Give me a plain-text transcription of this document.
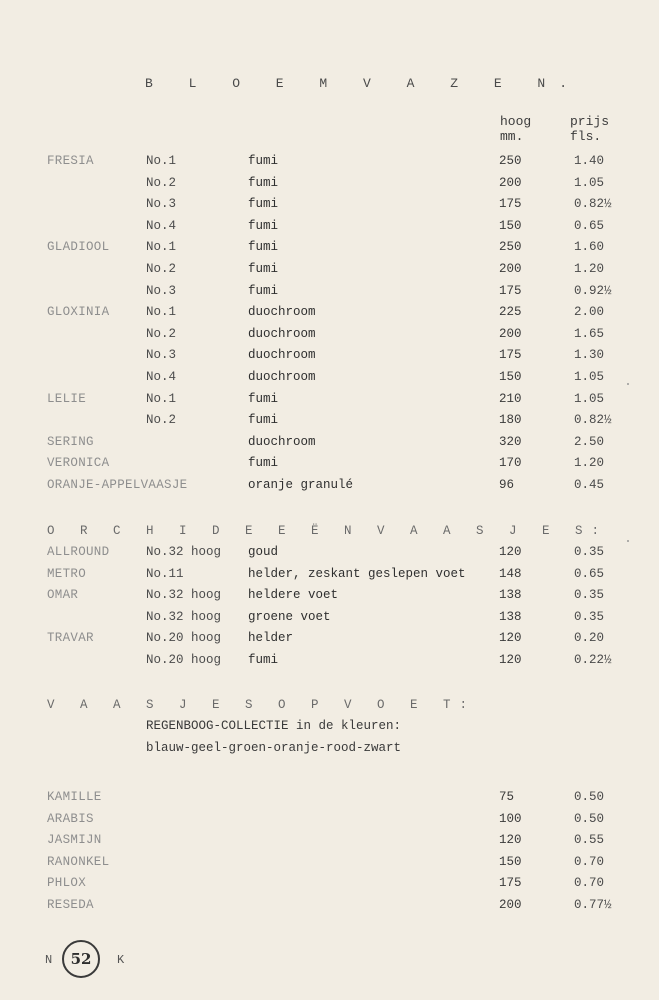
B L O E M V A Z E N.
hoog
mm.
prijs
fls.
FRESIA	No.1	fumi	250	1.40
No.2	fumi	200	1.05
No.3	fumi	175	0.82½
No.4	fumi	150	0.65
GLADIOOL	No.1	fumi	250	1.60
No.2	fumi	200	1.20
No.3	fumi	175	0.92½
GLOXINIA	No.1	duochroom	225	2.00
No.2	duochroom	200	1.65
No.3	duochroom	175	1.30
No.4	duochroom	150	1.05
LELIE	No.1	fumi	210	1.05
No.2	fumi	180	0.82½
SERING	duochroom	320	2.50
VERONICA	fumi	170	1.20
ORANJE-APPELVAASJE	oranje granulé	96	0.45
O R C H I D E E Ë N V A A S J E S:
ALLROUND	No.32 hoog goud	120	0.35
METRO	No.11	helder, zeskant geslepen voet	148	0.65
OMAR	No.32 hoog heldere voet	138	0.35
No.32 hoog groene voet	138	0.35
TRAVAR	No.20 hoog helder	120	0.20
No.20 hoog fumi	120	0.22½
V A A S J E S O P V O E T:
REGENBOOG-COLLECTIE in de kleuren:
blauw-geel-groen-oranje-rood-zwart
KAMILLE	75	0.50
ARABIS	100	0.50
JASMIJN	120	0.55
RANONKEL	150	0.70
PHLOX	175	0.70
RESEDA	200	0.77½
N 52 K
